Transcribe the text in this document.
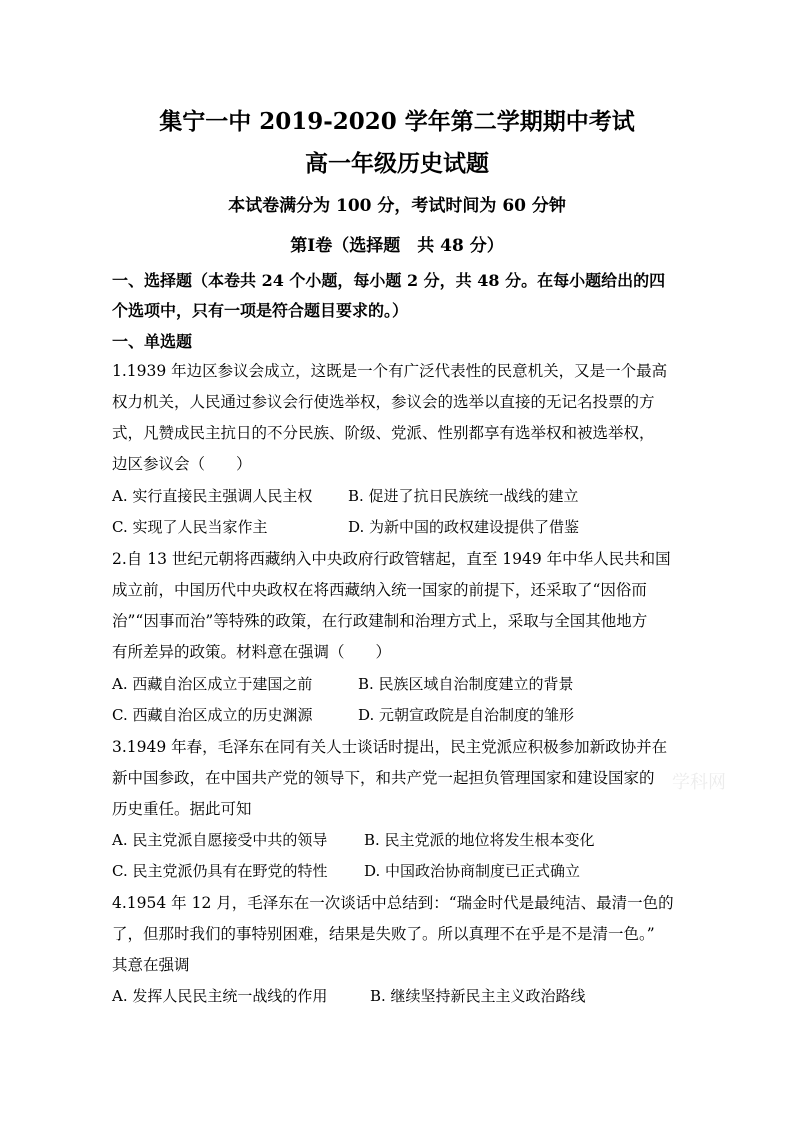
集宁一中 2019-2020 学年第二学期期中考试
高一年级历史试题
本试卷满分为 100 分，考试时间为 60 分钟
第Ⅰ卷（选择题　共 48 分）
一、选择题（本卷共 24 个小题，每小题 2 分，共 48 分。在每小题给出的四
个选项中，只有一项是符合题目要求的。）
一、单选题
1.1939 年边区参议会成立，这既是一个有广泛代表性的民意机关，又是一个最高
权力机关，人民通过参议会行使选举权，参议会的选举以直接的无记名投票的方
式，凡赞成民主抗日的不分民族、阶级、党派、性别都享有选举权和被选举权，
边区参议会（　　）
A. 实行直接民主强调人民主权 B. 促进了抗日民族统一战线的建立
C. 实现了人民当家作主	D. 为新中国的政权建设提供了借鉴
2.自 13 世纪元朝将西藏纳入中央政府行政管辖起，直至 1949 年中华人民共和国
成立前，中国历代中央政权在将西藏纳入统一国家的前提下，还采取了“因俗而
治”“因事而治”等特殊的政策，在行政建制和治理方式上，采取与全国其他地方
有所差异的政策。材料意在强调（　　）
A. 西藏自治区成立于建国之前	B. 民族区域自治制度建立的背景
C. 西藏自治区成立的历史渊源	D. 元朝宣政院是自治制度的雏形
3.1949 年春，毛泽东在同有关人士谈话时提出，民主党派应积极参加新政协并在
新中国参政，在中国共产党的领导下，和共产党一起担负管理国家和建设国家的
历史重任。据此可知
A. 民主党派自愿接受中共的领导 B. 民主党派的地位将发生根本变化
C. 民主党派仍具有在野党的特性 D. 中国政治协商制度已正式确立
4.1954 年 12 月，毛泽东在一次谈话中总结到：“瑞金时代是最纯洁、最清一色的
了，但那时我们的事特别困难，结果是失败了。所以真理不在乎是不是清一色。”
其意在强调
A. 发挥人民民主统一战线的作用	B. 继续坚持新民主主义政治路线
学科网
